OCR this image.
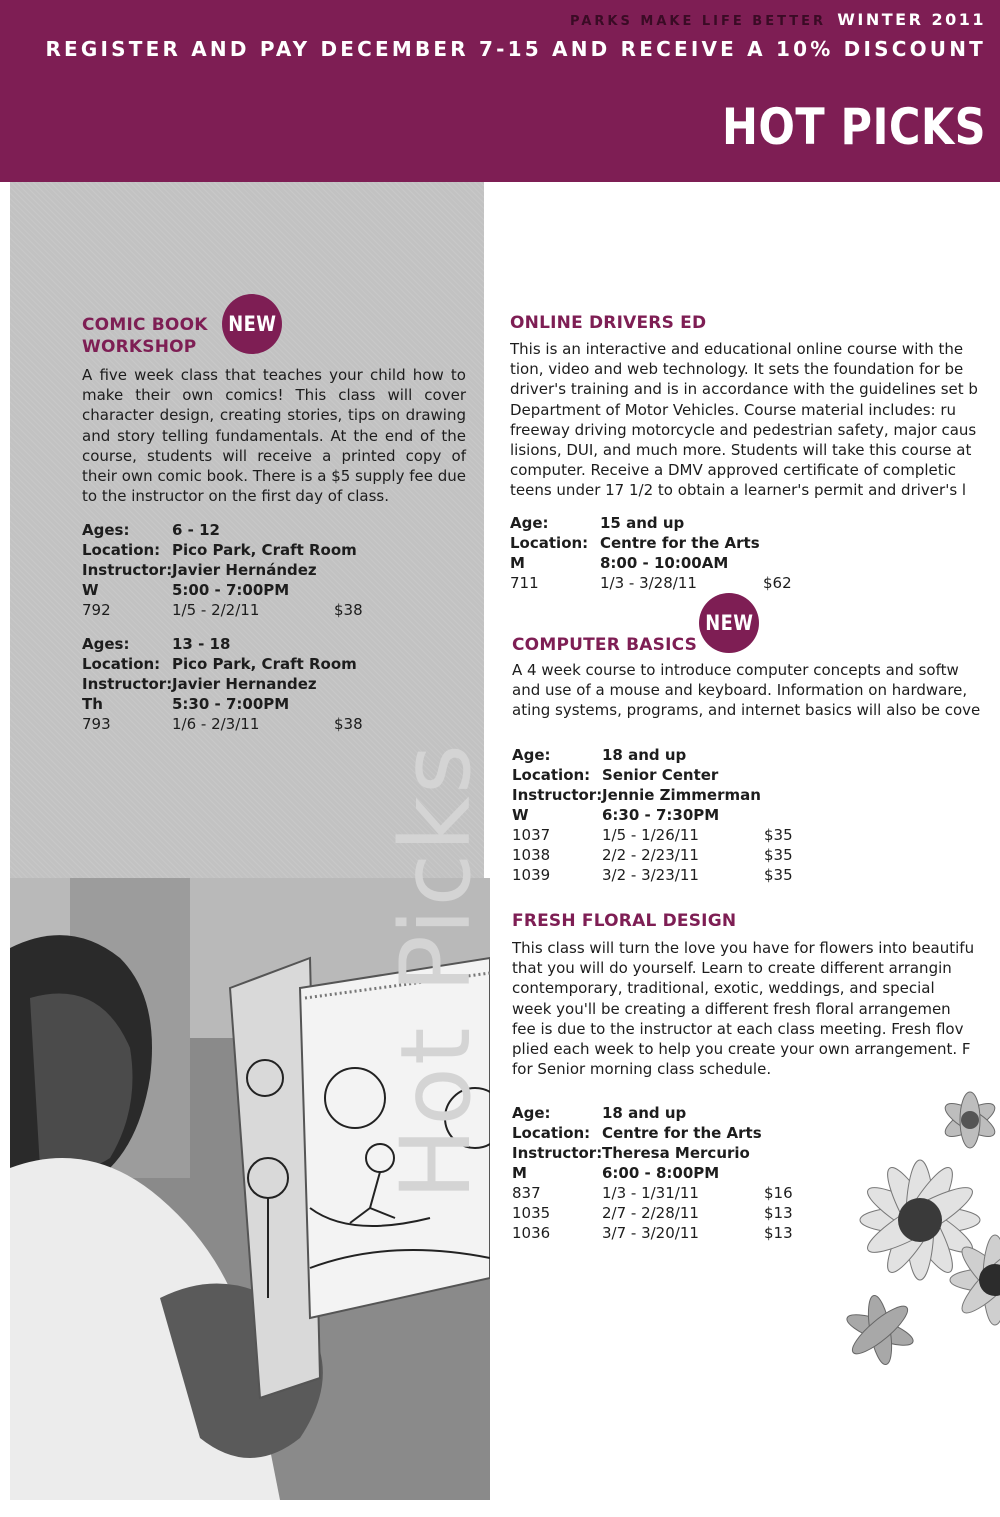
PARKS MAKE LIFE BETTER WINTER 2011
REGISTER AND PAY DECEMBER 7-15 AND RECEIVE A 10% DISCOUNT
HOT PICKS
COMIC BOOK
WORKSHOP

A five week class that teaches your child how to make their own comics! This class will cover character design, creating stories, tips on drawing and story telling fundamentals. At the end of the course, students will receive a printed copy of their own comic book. There is a $5 supply fee due to the instructor on the first day of class.

Ages:	6 - 12
Location: Pico Park, Craft Room
Instructor: Javier Hernández
W	5:00 - 7:00PM
792	1/5 - 2/2/11	$38
Ages:	13 - 18
Location: Pico Park, Craft Room
Instructor: Javier Hernandez
Th	5:30 - 7:00PM
793	1/6 - 2/3/11	$38
NEW
Hot Picks
ONLINE DRIVERS ED
This is an interactive and educational online course with the
tion, video and web technology. It sets the foundation for be
driver's training and is in accordance with the guidelines set b
Department of Motor Vehicles. Course material includes: ru
freeway driving motorcycle and pedestrian safety, major caus
lisions, DUI, and much more. Students will take this course at
computer. Receive a DMV approved certificate of completic
teens under 17 1/2 to obtain a learner's permit and driver's l
Age:	15 and up
Location: Centre for the Arts
M	8:00 - 10:00AM
711	1/3 - 3/28/11	$62
COMPUTER BASICS
A 4 week course to introduce computer concepts and softw
and use of a mouse and keyboard. Information on hardware,
ating systems, programs, and internet basics will also be cove
Age:	18 and up
Location: Senior Center
Instructor: Jennie Zimmerman
W	6:30 - 7:30PM
1037	1/5 - 1/26/11	$35
1038	2/2 - 2/23/11	$35
1039	3/2 - 3/23/11	$35
NEW
FRESH FLORAL DESIGN
This class will turn the love you have for flowers into beautifu
that you will do yourself. Learn to create different arrangin
contemporary, traditional, exotic, weddings, and special
week you'll be creating a different fresh floral arrangemen
fee is due to the instructor at each class meeting. Fresh flov
plied each week to help you create your own arrangement. F
for Senior morning class schedule.
Age:	18 and up
Location: Centre for the Arts
Instructor: Theresa Mercurio
M	6:00 - 8:00PM
837	1/3 - 1/31/11	$16
1035	2/7 - 2/28/11	$13
1036	3/7 - 3/20/11	$13
